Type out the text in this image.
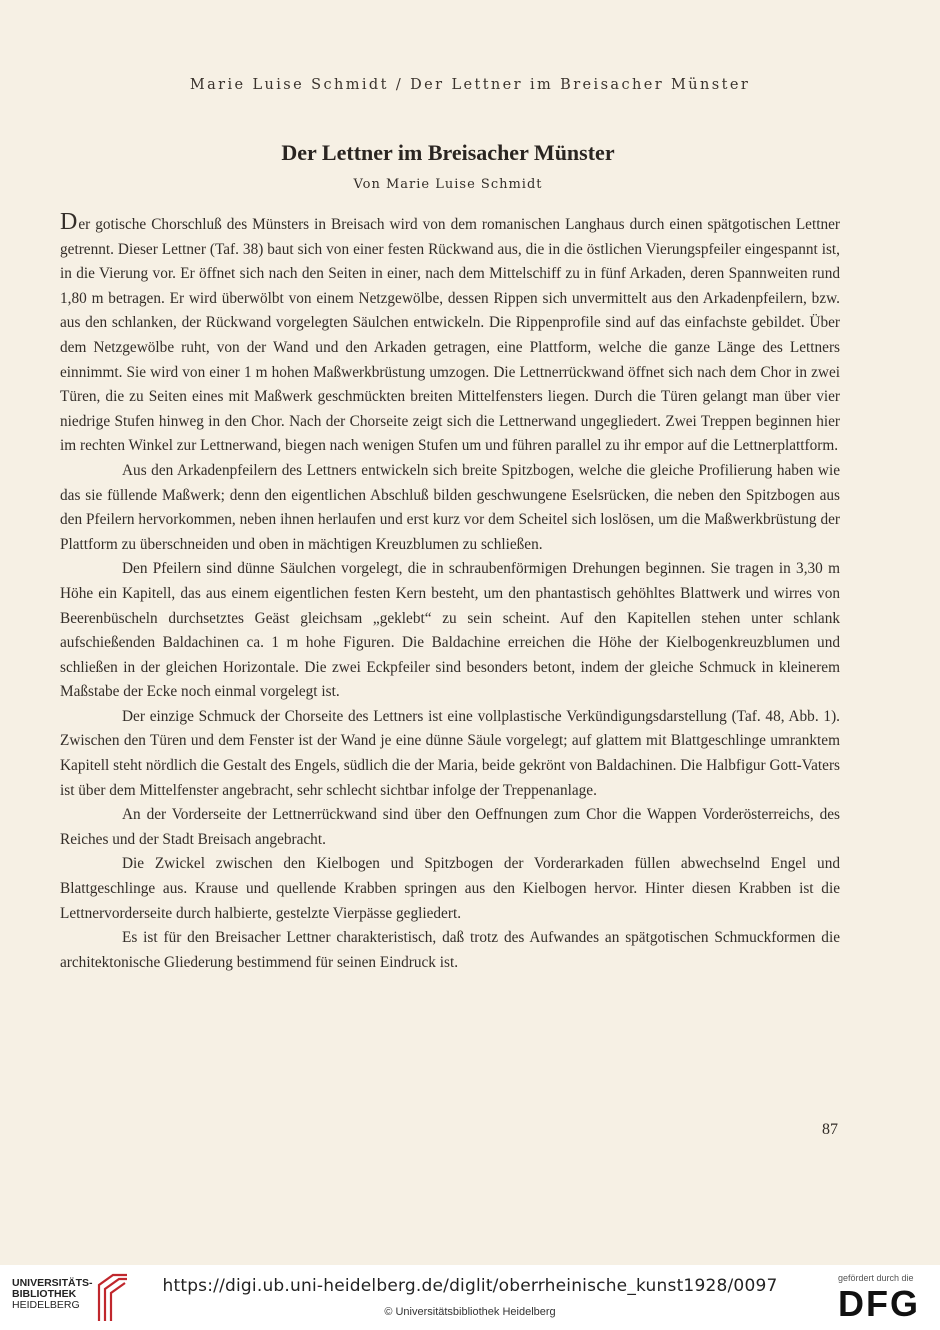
Marie Luise Schmidt / Der Lettner im Breisacher Münster
Der Lettner im Breisacher Münster
Von Marie Luise Schmidt

Der gotische Chorschluß des Münsters in Breisach wird von dem romanischen Langhaus durch einen spätgotischen Lettner getrennt. Dieser Lettner (Taf. 38) baut sich von einer festen Rückwand aus, die in die östlichen Vierungspfeiler eingespannt ist, in die Vierung vor. Er öffnet sich nach den Seiten in einer, nach dem Mittelschiff zu in fünf Arkaden, deren Spannweiten rund 1,80 m betragen. Er wird überwölbt von einem Netzgewölbe, dessen Rippen sich unvermittelt aus den Arkadenpfeilern, bzw. aus den schlanken, der Rückwand vorgelegten Säulchen entwickeln. Die Rippenprofile sind auf das einfachste gebildet. Über dem Netzgewölbe ruht, von der Wand und den Arkaden getragen, eine Plattform, welche die ganze Länge des Lettners einnimmt. Sie wird von einer 1 m hohen Maßwerkbrüstung umzogen. Die Lettnerrückwand öffnet sich nach dem Chor in zwei Türen, die zu Seiten eines mit Maßwerk geschmückten breiten Mittelfensters liegen. Durch die Türen gelangt man über vier niedrige Stufen hinweg in den Chor. Nach der Chorseite zeigt sich die Lettnerwand ungegliedert. Zwei Treppen beginnen hier im rechten Winkel zur Lettnerwand, biegen nach wenigen Stufen um und führen parallel zu ihr empor auf die Lettnerplattform.

Aus den Arkadenpfeilern des Lettners entwickeln sich breite Spitzbogen, welche die gleiche Profilierung haben wie das sie füllende Maßwerk; denn den eigentlichen Abschluß bilden geschwungene Eselsrücken, die neben den Spitzbogen aus den Pfeilern hervorkommen, neben ihnen herlaufen und erst kurz vor dem Scheitel sich loslösen, um die Maßwerkbrüstung der Plattform zu überschneiden und oben in mächtigen Kreuzblumen zu schließen.

Den Pfeilern sind dünne Säulchen vorgelegt, die in schraubenförmigen Drehungen beginnen. Sie tragen in 3,30 m Höhe ein Kapitell, das aus einem eigentlichen festen Kern besteht, um den phantastisch gehöhltes Blattwerk und wirres von Beerenbüscheln durchsetztes Geäst gleichsam „geklebt“ zu sein scheint. Auf den Kapitellen stehen unter schlank aufschießenden Baldachinen ca. 1 m hohe Figuren. Die Baldachine erreichen die Höhe der Kielbogenkreuzblumen und schließen in der gleichen Horizontale. Die zwei Eckpfeiler sind besonders betont, indem der gleiche Schmuck in kleinerem Maßstabe der Ecke noch einmal vorgelegt ist.

Der einzige Schmuck der Chorseite des Lettners ist eine vollplastische Verkündigungsdarstellung (Taf. 48, Abb. 1). Zwischen den Türen und dem Fenster ist der Wand je eine dünne Säule vorgelegt; auf glattem mit Blattgeschlinge umranktem Kapitell steht nördlich die Gestalt des Engels, südlich die der Maria, beide gekrönt von Baldachinen. Die Halbfigur Gott-Vaters ist über dem Mittelfenster angebracht, sehr schlecht sichtbar infolge der Treppenanlage.

An der Vorderseite der Lettnerrückwand sind über den Oeffnungen zum Chor die Wappen Vorderösterreichs, des Reiches und der Stadt Breisach angebracht.

Die Zwickel zwischen den Kielbogen und Spitzbogen der Vorderarkaden füllen abwechselnd Engel und Blattgeschlinge aus. Krause und quellende Krabben springen aus den Kielbogen hervor. Hinter diesen Krabben ist die Lettnervorderseite durch halbierte, gestelzte Vierpässe gegliedert.

Es ist für den Breisacher Lettner charakteristisch, daß trotz des Aufwandes an spätgotischen Schmuckformen die architektonische Gliederung bestimmend für seinen Eindruck ist.

87
UNIVERSITÄTS-
BIBLIOTHEK
HEIDELBERG
https://digi.ub.uni-heidelberg.de/diglit/oberrheinische_kunst1928/0097
© Universitätsbibliothek Heidelberg
gefördert durch die
DFG
